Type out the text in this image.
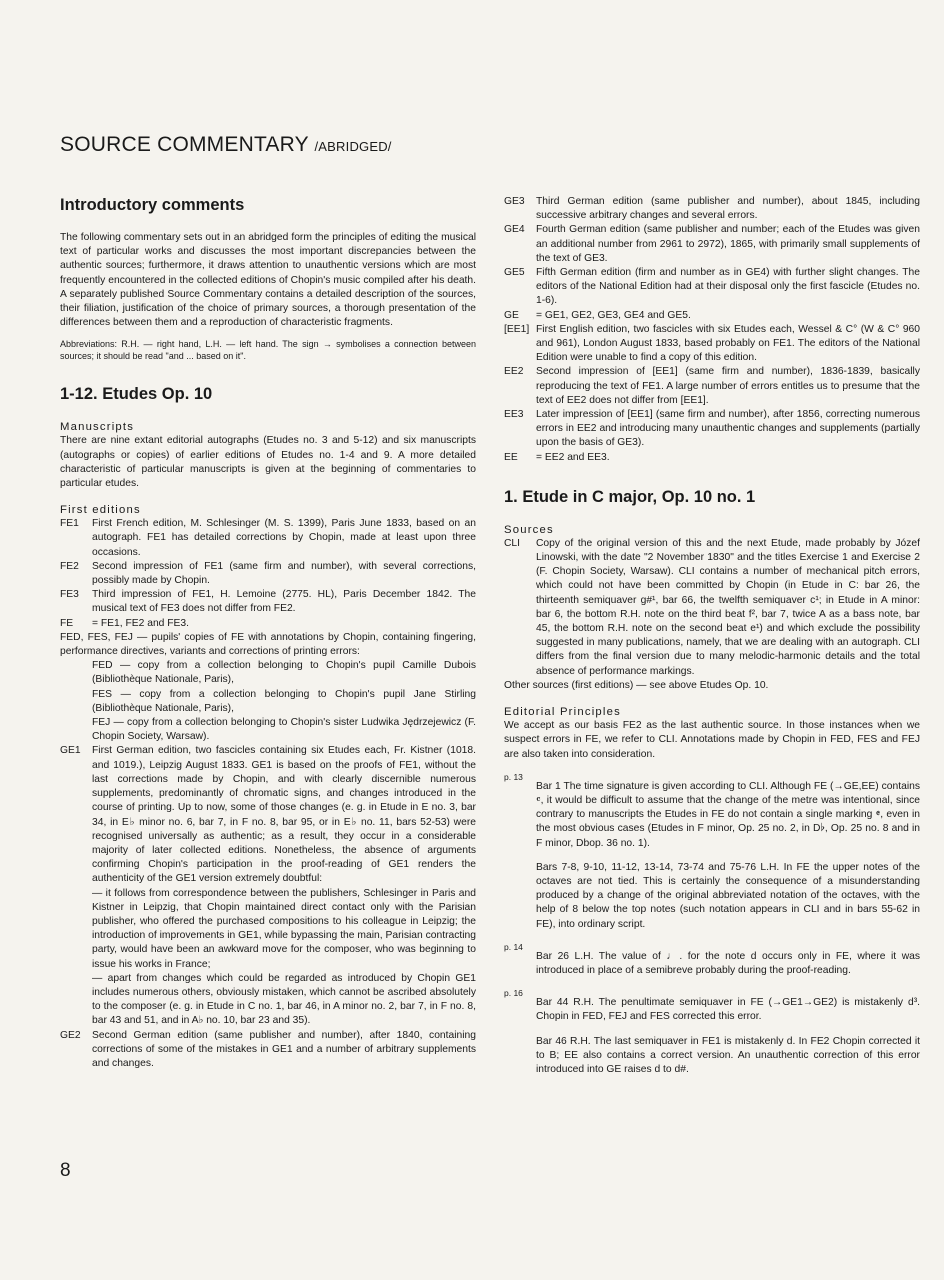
SOURCE COMMENTARY /ABRIDGED/
Introductory comments

The following commentary sets out in an abridged form the principles of editing the musical text of particular works and discusses the most important discrepancies between the authentic sources; furthermore, it draws attention to unauthentic versions which are most frequently encountered in the collected editions of Chopin's music compiled after his death. A separately published Source Commentary contains a detailed description of the sources, their filiation, justification of the choice of primary sources, a thorough presentation of the differences between them and a reproduction of characteristic fragments.

Abbreviations: R.H. — right hand, L.H. — left hand. The sign → symbolises a connection between sources; it should be read "and ... based on it".

1-12. Etudes Op. 10
Manuscripts

There are nine extant editorial autographs (Etudes no. 3 and 5-12) and six manuscripts (autographs or copies) of earlier editions of Etudes no. 1-4 and 9. A more detailed characteristic of particular manuscripts is given at the beginning of commentaries to particular etudes.

First editions
FE1	First French edition, M. Schlesinger (M. S. 1399), Paris June 1833, based on an autograph. FE1 has detailed corrections by Chopin, made at least upon three occasions.
FE2	Second impression of FE1 (same firm and number), with several corrections, possibly made by Chopin.
FE3	Third impression of FE1, H. Lemoine (2775. HL), Paris December 1842. The musical text of FE3 does not differ from FE2.
FE	= FE1, FE2 and FE3.

FED, FES, FEJ — pupils' copies of FE with annotations by Chopin, containing fingering, performance directives, variants and corrections of printing errors:

FED — copy from a collection belonging to Chopin's pupil Camille Dubois (Bibliothèque Nationale, Paris),
FES — copy from a collection belonging to Chopin's pupil Jane Stirling (Bibliothèque Nationale, Paris),
FEJ — copy from a collection belonging to Chopin's sister Ludwika Jędrzejewicz (F. Chopin Society, Warsaw).
GE1	First German edition, two fascicles containing six Etudes each, Fr. Kistner (1018. and 1019.), Leipzig August 1833. GE1 is based on the proofs of FE1, without the last corrections made by Chopin, and with clearly discernible numerous supplements, predominantly of chromatic signs, and changes introduced in the course of printing. Up to now, some of those changes (e. g. in Etude in E no. 3, bar 34, in E♭ minor no. 6, bar 7, in F no. 8, bar 95, or in E♭ no. 11, bars 52-53) were recognised universally as authentic; as a result, they occur in a considerable majority of later collected editions. Nonetheless, the absence of arguments confirming Chopin's participation in the proof-reading of GE1 renders the authenticity of the GE1 version extremely doubtful:
— it follows from correspondence between the publishers, Schlesinger in Paris and Kistner in Leipzig, that Chopin maintained direct contact only with the Parisian publisher, who offered the purchased compositions to his colleague in Leipzig; the introduction of improvements in GE1, while bypassing the main, Parisian contracting party, would have been an awkward move for the composer, who was beginning to issue his works in France;
— apart from changes which could be regarded as introduced by Chopin GE1 includes numerous others, obviously mistaken, which cannot be ascribed absolutely to the composer (e. g. in Etude in C no. 1, bar 46, in A minor no. 2, bar 7, in F no. 8, bar 43 and 51, and in A♭ no. 10, bar 23 and 35).
GE2	Second German edition (same publisher and number), after 1840, containing corrections of some of the mistakes in GE1 and a number of arbitrary supplements and changes.
GE3	Third German edition (same publisher and number), about 1845, including successive arbitrary changes and several errors.
GE4	Fourth German edition (same publisher and number; each of the Etudes was given an additional number from 2961 to 2972), 1865, with primarily small supplements of the text of GE3.
GE5	Fifth German edition (firm and number as in GE4) with further slight changes. The editors of the National Edition had at their disposal only the first fascicle (Etudes no. 1-6).
GE	= GE1, GE2, GE3, GE4 and GE5.
[EE1] First English edition, two fascicles with six Etudes each, Wessel & C° (W & C° 960 and 961), London August 1833, based probably on FE1. The editors of the National Edition were unable to find a copy of this edition.
EE2	Second impression of [EE1] (same firm and number), 1836-1839, basically reproducing the text of FE1. A large number of errors entitles us to presume that the text of EE2 does not differ from [EE1].
EE3	Later impression of [EE1] (same firm and number), after 1856, correcting numerous errors in EE2 and introducing many unauthentic changes and supplements (partially upon the basis of GE3).
EE	= EE2 and EE3.
1. Etude in C major, Op. 10 no. 1
Sources
CLI	Copy of the original version of this and the next Etude, made probably by Józef Linowski, with the date "2 November 1830" and the titles Exercise 1 and Exercise 2 (F. Chopin Society, Warsaw). CLI contains a number of mechanical pitch errors, which could not have been committed by Chopin (in Etude in C: bar 26, the thirteenth semiquaver g#¹, bar 66, the twelfth semiquaver c¹; in Etude in A minor: bar 6, the bottom R.H. note on the third beat f², bar 7, twice A as a bass note, bar 45, the bottom R.H. note on the second beat e¹) and which exclude the possibility suggested in many publications, namely, that we are dealing with an autograph. CLI differs from the final version due to many melodic-harmonic details and the total absence of performance markings.

Other sources (first editions) — see above Etudes Op. 10.

Editorial Principles

We accept as our basis FE2 as the last authentic source. In those instances when we suspect errors in FE, we refer to CLI. Annotations made by Chopin in FED, FES and FEJ are also taken into consideration.

p. 13
Bar 1 The time signature is given according to CLI. Although FE (→GE,EE) contains 𝄴, it would be difficult to assume that the change of the metre was intentional, since contrary to manuscripts the Etudes in FE do not contain a single marking 𝄵, even in the most obvious cases (Etudes in F minor, Op. 25 no. 2, in D♭, Op. 25 no. 8 and in F minor, Dbop. 36 no. 1).
Bars 7-8, 9-10, 11-12, 13-14, 73-74 and 75-76 L.H. In FE the upper notes of the octaves are not tied. This is certainly the consequence of a misunderstanding produced by a change of the original abbreviated notation of the octaves, with the help of 8 below the top notes (such notation appears in CLI and in bars 55-62 in FE), into ordinary script.
p. 14
Bar 26 L.H. The value of ♩. for the note d occurs only in FE, where it was introduced in place of a semibreve probably during the proof-reading.
p. 16
Bar 44 R.H. The penultimate semiquaver in FE (→GE1→GE2) is mistakenly d³. Chopin in FED, FEJ and FES corrected this error.
Bar 46 R.H. The last semiquaver in FE1 is mistakenly d. In FE2 Chopin corrected it to B; EE also contains a correct version. An unauthentic correction of this error introduced into GE raises d to d#.
8
